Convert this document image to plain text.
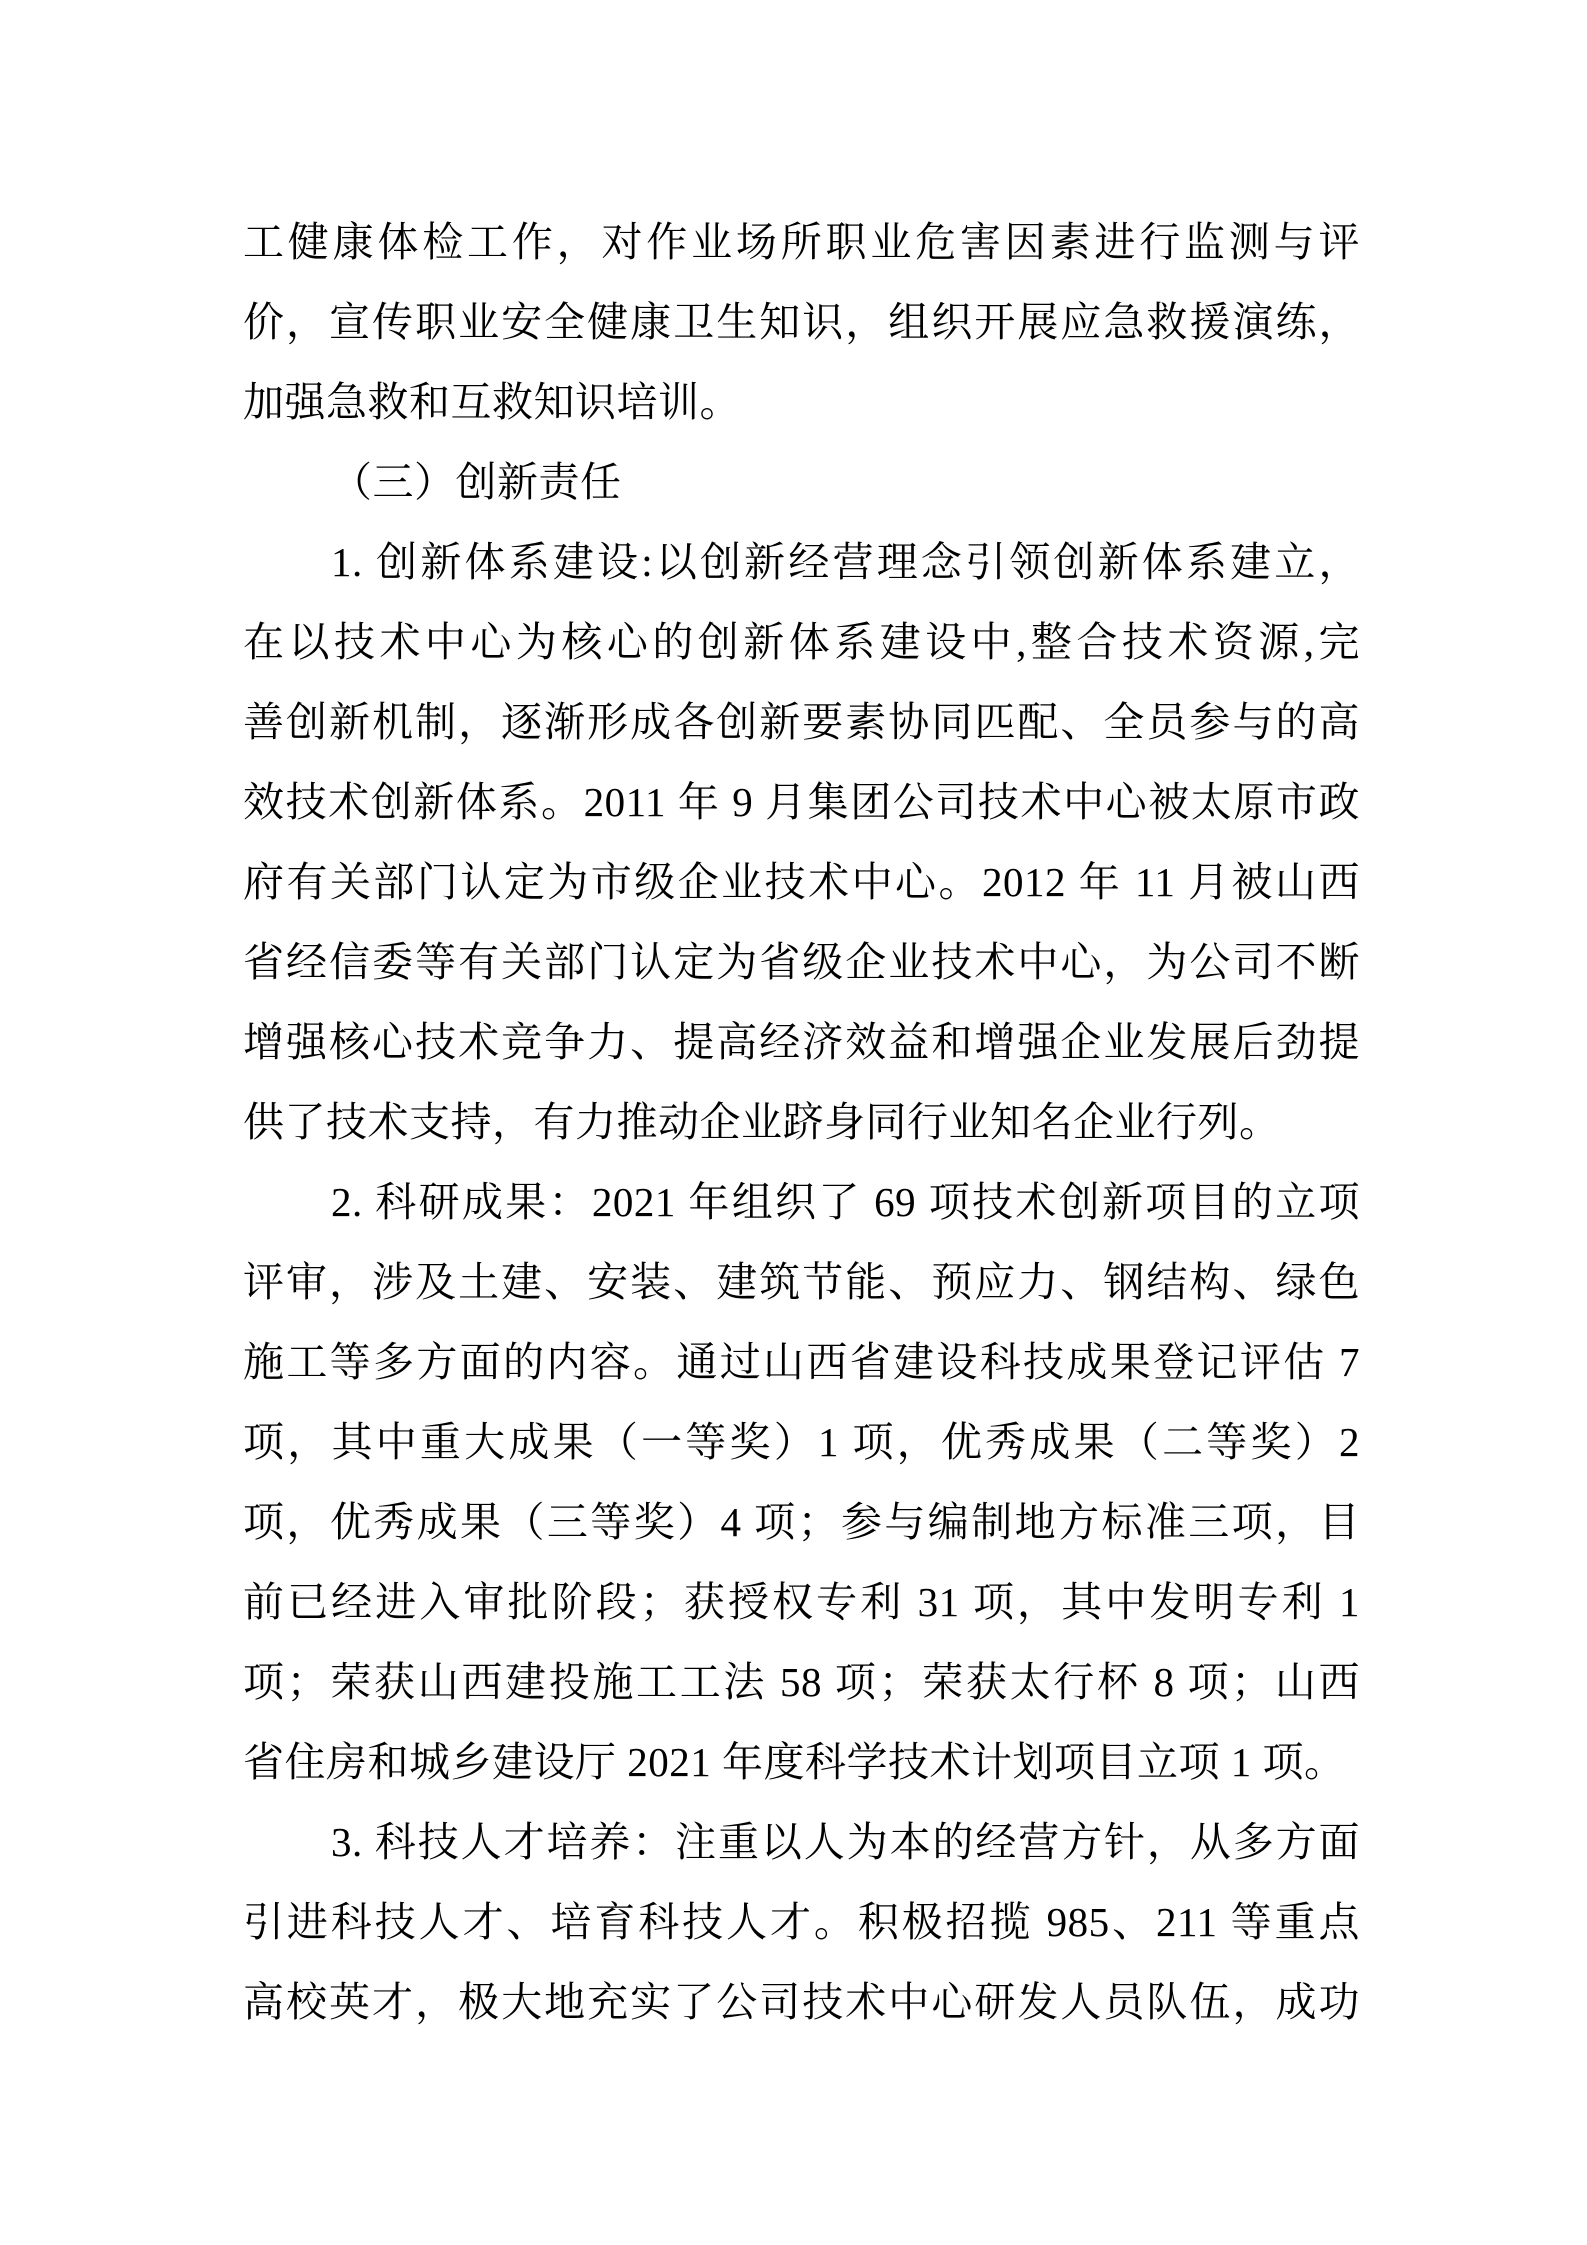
工健康体检工作，对作业场所职业危害因素进行监测与评
价，宣传职业安全健康卫生知识，组织开展应急救援演练，
加强急救和互救知识培训。
（三）创新责任
1. 创新体系建设:以创新经营理念引领创新体系建立，
在以技术中心为核心的创新体系建设中,整合技术资源,完
善创新机制，逐渐形成各创新要素协同匹配、全员参与的高
效技术创新体系。2011 年 9 月集团公司技术中心被太原市政
府有关部门认定为市级企业技术中心。2012 年 11 月被山西
省经信委等有关部门认定为省级企业技术中心，为公司不断
增强核心技术竞争力、提高经济效益和增强企业发展后劲提
供了技术支持，有力推动企业跻身同行业知名企业行列。
2. 科研成果：2021 年组织了 69 项技术创新项目的立项
评审，涉及土建、安装、建筑节能、预应力、钢结构、绿色
施工等多方面的内容。通过山西省建设科技成果登记评估 7
项，其中重大成果（一等奖）1 项，优秀成果（二等奖）2
项，优秀成果（三等奖）4 项；参与编制地方标准三项，目
前已经进入审批阶段；获授权专利 31 项，其中发明专利 1
项；荣获山西建投施工工法 58 项；荣获太行杯 8 项；山西
省住房和城乡建设厅 2021 年度科学技术计划项目立项 1 项。
3. 科技人才培养：注重以人为本的经营方针，从多方面
引进科技人才、培育科技人才。积极招揽 985、211 等重点
高校英才，极大地充实了公司技术中心研发人员队伍，成功
